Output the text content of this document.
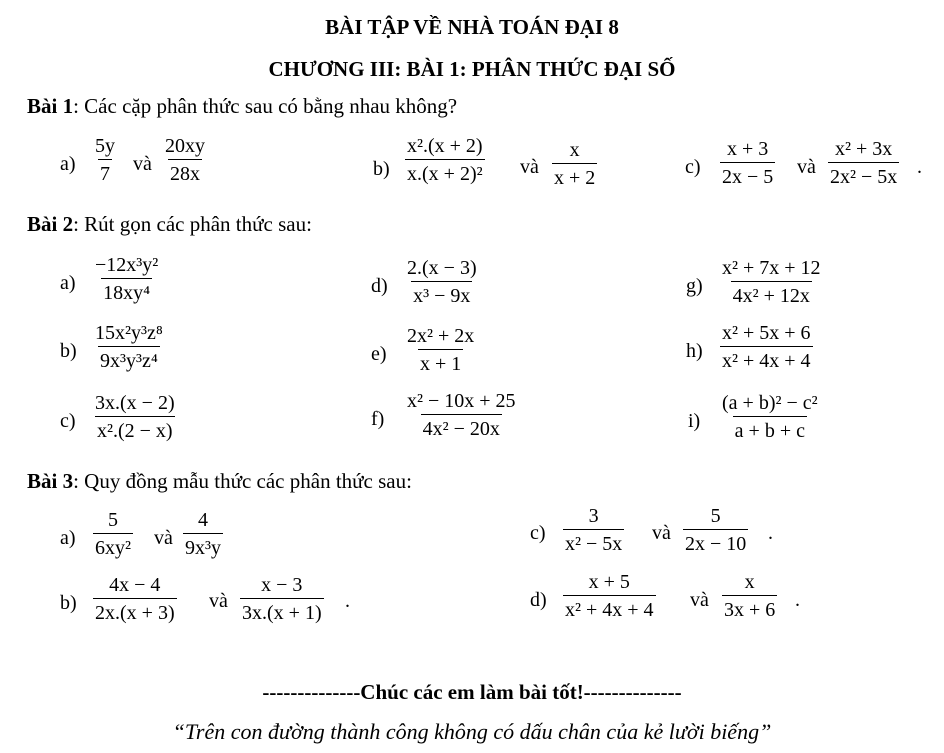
BÀI TẬP VỀ NHÀ TOÁN ĐẠI 8
CHƯƠNG III: BÀI 1: PHÂN THỨC ĐẠI SỐ
Bài 1: Các cặp phân thức sau có bằng nhau không?
$a) \frac{5y}{7}$ và $\frac{20xy}{28x}$	$b) \frac{\text{x².(x + 2)}}{\text{x.(x + 2)²}}$ và $\frac{x}{x + 2}$	$c) \frac{x + 3}{2x - 5}$ và $\frac{\text{x² + 3x}}{\text{2x² − 5x}}$ .
Bài 2: Rút gọn các phân thức sau:
$a) \frac{\text{−12x³y²}}{\text{18xy⁴}}$
$b) \frac{\text{15x²y³z⁸}}{\text{9x³y³z⁴}}$
$c) \frac{3x.(x - 2)}{\text{x².(2 − x)}}$
$d) \frac{2.(x - 3)}{\text{x³ − 9x}}$
$e) \frac{\text{2x² + 2x}}{x + 1}$
$f) \frac{\text{x² − 10x + 25}}{\text{4x² − 20x}}$
$g) \frac{\text{x² + 7x + 12}}{\text{4x² + 12x}}$
$h) \frac{\text{x² + 5x + 6}}{\text{x² + 4x + 4}}$
$i) \frac{\text{(a + b)² − c²}}{a + b + c}$
Bài 3: Quy đồng mẫu thức các phân thức sau:
$a) \frac{5}{\text{6xy²}}$ và $\frac{4}{\text{9x³y}}$
$b) \frac{4x - 4}{2x.(x + 3)}$ và $\frac{x - 3}{3x.(x + 1)}$ .
$c) \frac{3}{\text{x² − 5x}}$ và $\frac{5}{2x - 10}$ .
$d) \frac{x + 5}{\text{x² + 4x + 4}}$ và $\frac{x}{3x + 6}$ .
--------------Chúc các em làm bài tốt!--------------
“Trên con đường thành công không có dấu chân của kẻ lười biếng”
